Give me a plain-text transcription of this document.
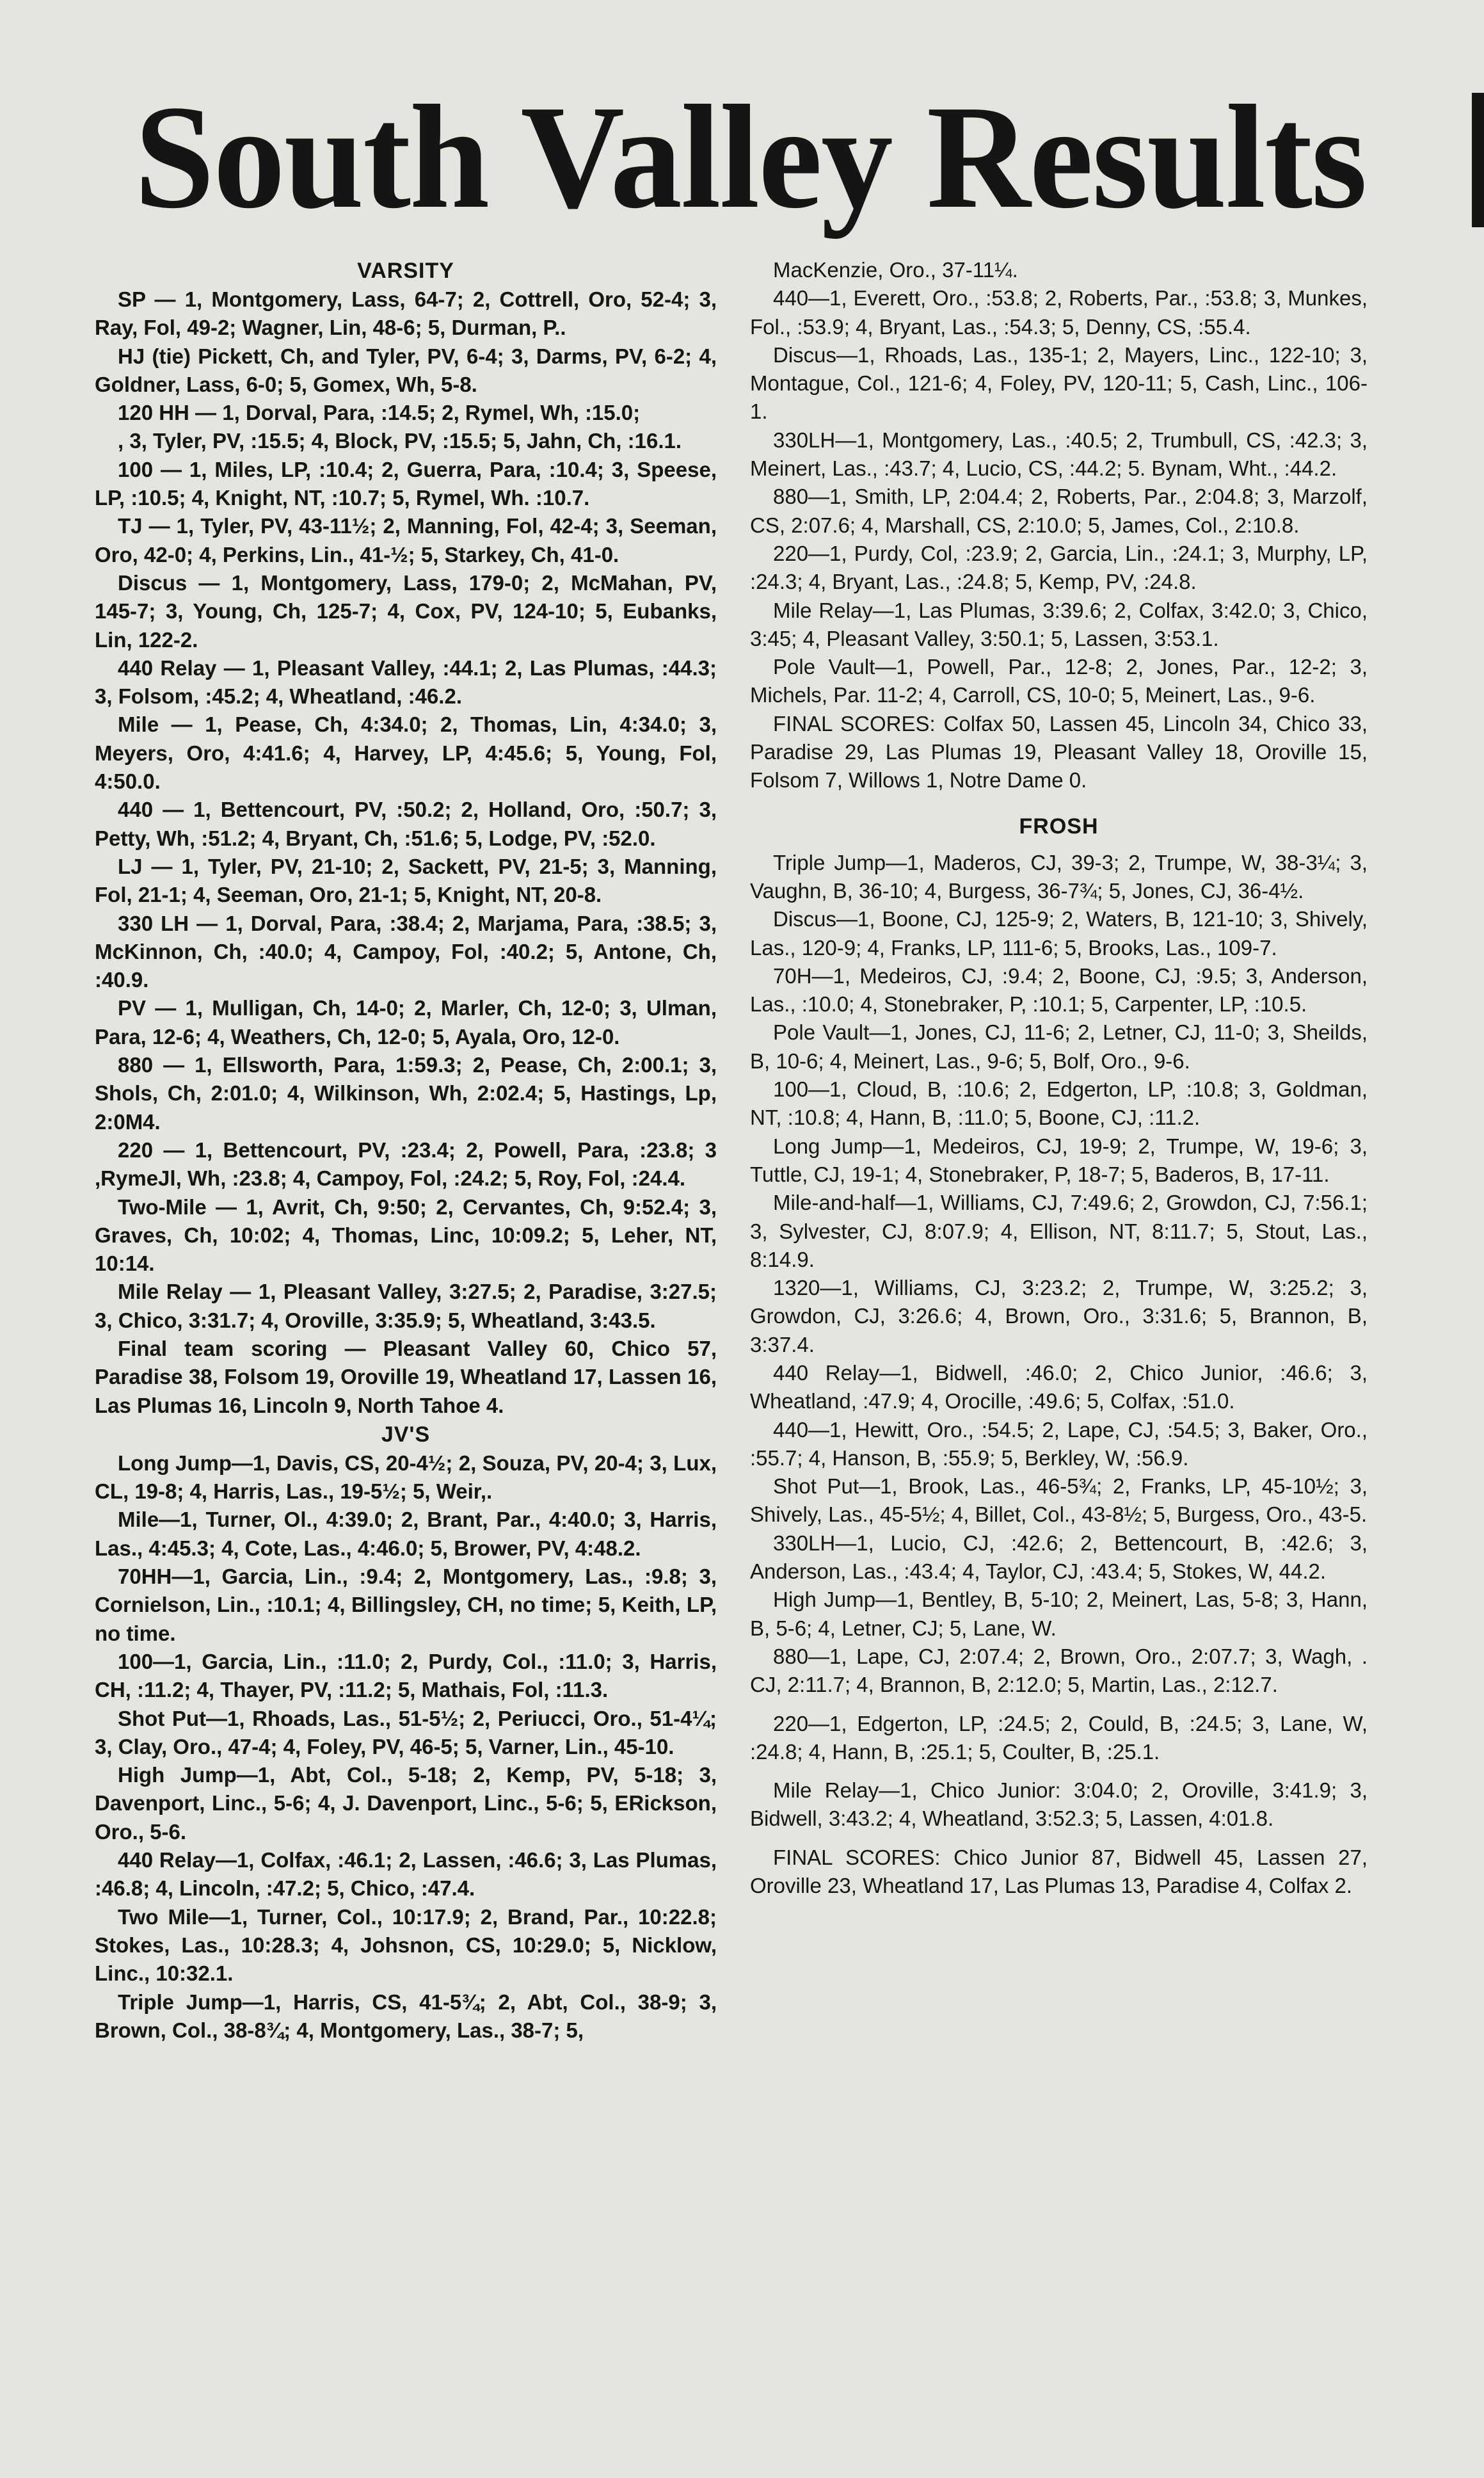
South Valley Results
VARSITY

SP — 1, Montgomery, Lass, 64-7; 2, Cottrell, Oro, 52-4; 3, Ray, Fol, 49-2; Wagner, Lin, 48-6; 5, Durman, P..

HJ (tie) Pickett, Ch, and Tyler, PV, 6-4; 3, Darms, PV, 6-2; 4, Goldner, Lass, 6-0; 5, Gomex, Wh, 5-8.

120 HH — 1, Dorval, Para, :14.5; 2, Rymel, Wh, :15.0;

, 3, Tyler, PV, :15.5; 4, Block, PV, :15.5; 5, Jahn, Ch, :16.1.

100 — 1, Miles, LP, :10.4; 2, Guerra, Para, :10.4; 3, Speese, LP, :10.5; 4, Knight, NT, :10.7; 5, Rymel, Wh. :10.7.

TJ — 1, Tyler, PV, 43-11½; 2, Manning, Fol, 42-4; 3, Seeman, Oro, 42-0; 4, Perkins, Lin., 41-½; 5, Starkey, Ch, 41-0.

Discus — 1, Montgomery, Lass, 179-0; 2, McMahan, PV, 145-7; 3, Young, Ch, 125-7; 4, Cox, PV, 124-10; 5, Eubanks, Lin, 122-2.

440 Relay — 1, Pleasant Valley, :44.1; 2, Las Plumas, :44.3; 3, Folsom, :45.2; 4, Wheatland, :46.2.

Mile — 1, Pease, Ch, 4:34.0; 2, Thomas, Lin, 4:34.0; 3, Meyers, Oro, 4:41.6; 4, Harvey, LP, 4:45.6; 5, Young, Fol, 4:50.0.

440 — 1, Bettencourt, PV, :50.2; 2, Holland, Oro, :50.7; 3, Petty, Wh, :51.2; 4, Bryant, Ch, :51.6; 5, Lodge, PV, :52.0.

LJ — 1, Tyler, PV, 21-10; 2, Sackett, PV, 21-5; 3, Manning, Fol, 21-1; 4, Seeman, Oro, 21-1; 5, Knight, NT, 20-8.

330 LH — 1, Dorval, Para, :38.4; 2, Marjama, Para, :38.5; 3, McKinnon, Ch, :40.0; 4, Campoy, Fol, :40.2; 5, Antone, Ch, :40.9.

PV — 1, Mulligan, Ch, 14-0; 2, Marler, Ch, 12-0; 3, Ulman, Para, 12-6; 4, Weathers, Ch, 12-0; 5, Ayala, Oro, 12-0.

880 — 1, Ellsworth, Para, 1:59.3; 2, Pease, Ch, 2:00.1; 3, Shols, Ch, 2:01.0; 4, Wilkinson, Wh, 2:02.4; 5, Hastings, Lp, 2:0M4.

220 — 1, Bettencourt, PV, :23.4; 2, Powell, Para, :23.8; 3 ,RymeJl, Wh, :23.8; 4, Campoy, Fol, :24.2; 5, Roy, Fol, :24.4.

Two-Mile — 1, Avrit, Ch, 9:50; 2, Cervantes, Ch, 9:52.4; 3, Graves, Ch, 10:02; 4, Thomas, Linc, 10:09.2; 5, Leher, NT, 10:14.

Mile Relay — 1, Pleasant Valley, 3:27.5; 2, Paradise, 3:27.5; 3, Chico, 3:31.7; 4, Oroville, 3:35.9; 5, Wheatland, 3:43.5.

Final team scoring — Pleasant Valley 60, Chico 57, Paradise 38, Folsom 19, Oroville 19, Wheatland 17, Lassen 16, Las Plumas 16, Lincoln 9, North Tahoe 4.

JV'S

Long Jump—1, Davis, CS, 20-4½; 2, Souza, PV, 20-4; 3, Lux, CL, 19-8; 4, Harris, Las., 19-5½; 5, Weir,.

Mile—1, Turner, Ol., 4:39.0; 2, Brant, Par., 4:40.0; 3, Harris, Las., 4:45.3; 4, Cote, Las., 4:46.0; 5, Brower, PV, 4:48.2.

70HH—1, Garcia, Lin., :9.4; 2, Montgomery, Las., :9.8; 3, Cornielson, Lin., :10.1; 4, Billingsley, CH, no time; 5, Keith, LP, no time.

100—1, Garcia, Lin., :11.0; 2, Purdy, Col., :11.0; 3, Harris, CH, :11.2; 4, Thayer, PV, :11.2; 5, Mathais, Fol, :11.3.

Shot Put—1, Rhoads, Las., 51-5½; 2, Periucci, Oro., 51-4¼; 3, Clay, Oro., 47-4; 4, Foley, PV, 46-5; 5, Varner, Lin., 45-10.

High Jump—1, Abt, Col., 5-18; 2, Kemp, PV, 5-18; 3, Davenport, Linc., 5-6; 4, J. Davenport, Linc., 5-6; 5, ERickson, Oro., 5-6.

440 Relay—1, Colfax, :46.1; 2, Lassen, :46.6; 3, Las Plumas, :46.8; 4, Lincoln, :47.2; 5, Chico, :47.4.

Two Mile—1, Turner, Col., 10:17.9; 2, Brand, Par., 10:22.8; Stokes, Las., 10:28.3; 4, Johsnon, CS, 10:29.0; 5, Nicklow, Linc., 10:32.1.

Triple Jump—1, Harris, CS, 41-5¾; 2, Abt, Col., 38-9; 3, Brown, Col., 38-8¾; 4, Montgomery, Las., 38-7; 5,

MacKenzie, Oro., 37-11¼.

440—1, Everett, Oro., :53.8; 2, Roberts, Par., :53.8; 3, Munkes, Fol., :53.9; 4, Bryant, Las., :54.3; 5, Denny, CS, :55.4.

Discus—1, Rhoads, Las., 135-1; 2, Mayers, Linc., 122-10; 3, Montague, Col., 121-6; 4, Foley, PV, 120-11; 5, Cash, Linc., 106-1.

330LH—1, Montgomery, Las., :40.5; 2, Trumbull, CS, :42.3; 3, Meinert, Las., :43.7; 4, Lucio, CS, :44.2; 5. Bynam, Wht., :44.2.

880—1, Smith, LP, 2:04.4; 2, Roberts, Par., 2:04.8; 3, Marzolf, CS, 2:07.6; 4, Marshall, CS, 2:10.0; 5, James, Col., 2:10.8.

220—1, Purdy, Col, :23.9; 2, Garcia, Lin., :24.1; 3, Murphy, LP, :24.3; 4, Bryant, Las., :24.8; 5, Kemp, PV, :24.8.

Mile Relay—1, Las Plumas, 3:39.6; 2, Colfax, 3:42.0; 3, Chico, 3:45; 4, Pleasant Valley, 3:50.1; 5, Lassen, 3:53.1.

Pole Vault—1, Powell, Par., 12-8; 2, Jones, Par., 12-2; 3, Michels, Par. 11-2; 4, Carroll, CS, 10-0; 5, Meinert, Las., 9-6.

FINAL SCORES: Colfax 50, Lassen 45, Lincoln 34, Chico 33, Paradise 29, Las Plumas 19, Pleasant Valley 18, Oroville 15, Folsom 7, Willows 1, Notre Dame 0.

FROSH

Triple Jump—1, Maderos, CJ, 39-3; 2, Trumpe, W, 38-3¼; 3, Vaughn, B, 36-10; 4, Burgess, 36-7¾; 5, Jones, CJ, 36-4½.

Discus—1, Boone, CJ, 125-9; 2, Waters, B, 121-10; 3, Shively, Las., 120-9; 4, Franks, LP, 111-6; 5, Brooks, Las., 109-7.

70H—1, Medeiros, CJ, :9.4; 2, Boone, CJ, :9.5; 3, Anderson, Las., :10.0; 4, Stonebraker, P, :10.1; 5, Carpenter, LP, :10.5.

Pole Vault—1, Jones, CJ, 11-6; 2, Letner, CJ, 11-0; 3, Sheilds, B, 10-6; 4, Meinert, Las., 9-6; 5, Bolf, Oro., 9-6.

100—1, Cloud, B, :10.6; 2, Edgerton, LP, :10.8; 3, Goldman, NT, :10.8; 4, Hann, B, :11.0; 5, Boone, CJ, :11.2.

Long Jump—1, Medeiros, CJ, 19-9; 2, Trumpe, W, 19-6; 3, Tuttle, CJ, 19-1; 4, Stonebraker, P, 18-7; 5, Baderos, B, 17-11.

Mile-and-half—1, Williams, CJ, 7:49.6; 2, Growdon, CJ, 7:56.1; 3, Sylvester, CJ, 8:07.9; 4, Ellison, NT, 8:11.7; 5, Stout, Las., 8:14.9.

1320—1, Williams, CJ, 3:23.2; 2, Trumpe, W, 3:25.2; 3, Growdon, CJ, 3:26.6; 4, Brown, Oro., 3:31.6; 5, Brannon, B, 3:37.4.

440 Relay—1, Bidwell, :46.0; 2, Chico Junior, :46.6; 3, Wheatland, :47.9; 4, Orocille, :49.6; 5, Colfax, :51.0.

440—1, Hewitt, Oro., :54.5; 2, Lape, CJ, :54.5; 3, Baker, Oro., :55.7; 4, Hanson, B, :55.9; 5, Berkley, W, :56.9.

Shot Put—1, Brook, Las., 46-5¾; 2, Franks, LP, 45-10½; 3, Shively, Las., 45-5½; 4, Billet, Col., 43-8½; 5, Burgess, Oro., 43-5.

330LH—1, Lucio, CJ, :42.6; 2, Bettencourt, B, :42.6; 3, Anderson, Las., :43.4; 4, Taylor, CJ, :43.4; 5, Stokes, W, 44.2.

High Jump—1, Bentley, B, 5-10; 2, Meinert, Las, 5-8; 3, Hann, B, 5-6; 4, Letner, CJ; 5, Lane, W.

880—1, Lape, CJ, 2:07.4; 2, Brown, Oro., 2:07.7; 3, Wagh, . CJ, 2:11.7; 4, Brannon, B, 2:12.0; 5, Martin, Las., 2:12.7.

220—1, Edgerton, LP, :24.5; 2, Could, B, :24.5; 3, Lane, W, :24.8; 4, Hann, B, :25.1; 5, Coulter, B, :25.1.

Mile Relay—1, Chico Junior: 3:04.0; 2, Oroville, 3:41.9; 3, Bidwell, 3:43.2; 4, Wheatland, 3:52.3; 5, Lassen, 4:01.8.

FINAL SCORES: Chico Junior 87, Bidwell 45, Lassen 27, Oroville 23, Wheatland 17, Las Plumas 13, Paradise 4, Colfax 2.
